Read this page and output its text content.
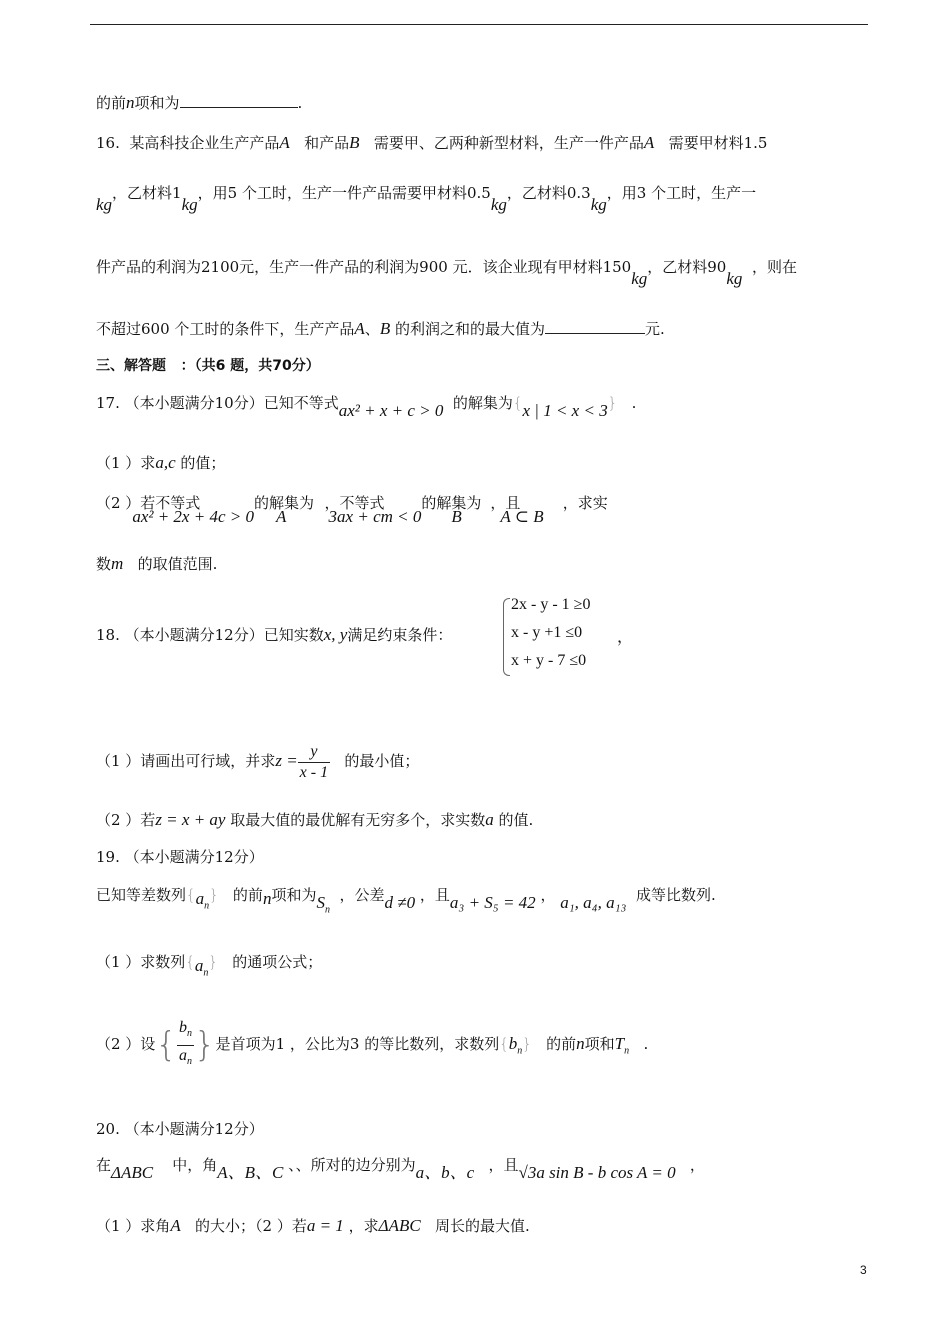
的前n项和为	.
16. 某高科技企业生产产品A 和产品B 需要甲、乙两种新型材料，生产一件产品A 需要甲材料1.5
kg，乙材料1kg，用5 个工时，生产一件产品需要甲材料0.5kg，乙材料0.3kg，用3 个工时，生产一
件产品的利润为2100元，生产一件产品的利润为900 元．该企业现有甲材料150kg，乙材料90kg  ，则在
不超过600 个工时的条件下，生产产品A、B 的利润之和的最大值为	元.
三、解答题 ：（共6 题，共70分）
17. （本小题满分10分）已知不等式ax² + x + c > 0 的解集为{x | 1 < x < 3} .
（1 ）求a,c 的值；
（2 ）若不等式ax² + 2x + 4c > 0的解集为A        ，不等式3ax + cm < 0的解集为B      ，且A ⊂ B    ，求实
数m 的取值范围.
18. （本小题满分12分）已知实数x, y满足约束条件：
2x - y - 1 ≥0
x - y +1 ≤0
x + y - 7 ≤0
，
（1 ）请画出可行域，并求$z = \frac{y}{x - 1}$ 的最小值；
（2 ）若z = x + ay 取最大值的最优解有无穷多个，求实数a 的值.
19. （本小题满分12分）
已知等差数列$\{a_n\}$ 的前n项和为$S_n$  ，公差d ≠0 ，且a₃ + S₅ = 42 ， a₁, a₄, a₁₃ 成等比数列.
（1 ）求数列$\{a_n\}$ 的通项公式；
（2 ）设{ $\frac{b_n}{a_n}$ }是首项为1 ，公比为3 的等比数列，求数列$\{b_n\}$ 的前n项和$T_n$ .
20. （本小题满分12分）
在ΔABC 中，角A、B、C 、、所对的边分别为a、b、c ，且√3a sin B - b cos A = 0 ，
（1 ）求角A 的大小；（2 ）若a = 1 ，求ΔABC 周长的最大值.
3
